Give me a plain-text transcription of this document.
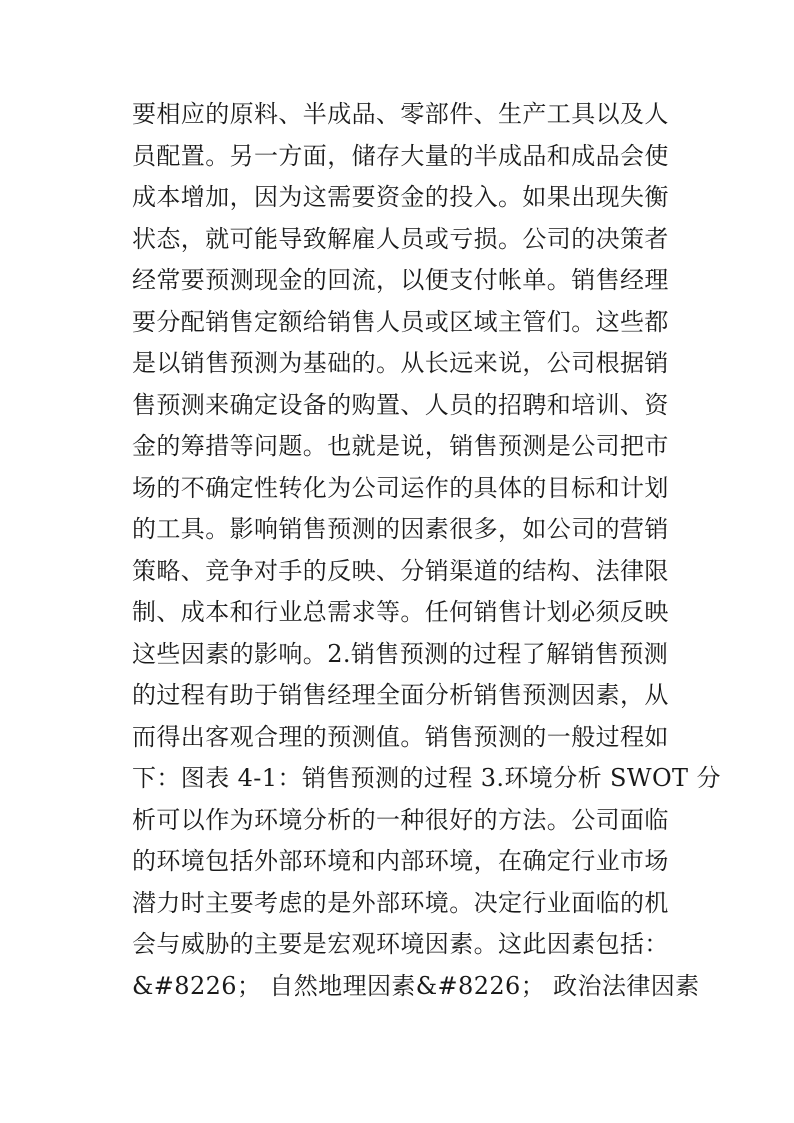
要相应的原料、半成品、零部件、生产工具以及人
员配置。另一方面，储存大量的半成品和成品会使
成本增加，因为这需要资金的投入。如果出现失衡
状态，就可能导致解雇人员或亏损。公司的决策者
经常要预测现金的回流，以便支付帐单。销售经理
要分配销售定额给销售人员或区域主管们。这些都
是以销售预测为基础的。从长远来说，公司根据销
售预测来确定设备的购置、人员的招聘和培训、资
金的筹措等问题。也就是说，销售预测是公司把市
场的不确定性转化为公司运作的具体的目标和计划
的工具。影响销售预测的因素很多，如公司的营销
策略、竞争对手的反映、分销渠道的结构、法律限
制、成本和行业总需求等。任何销售计划必须反映
这些因素的影响。2.销售预测的过程了解销售预测
的过程有助于销售经理全面分析销售预测因素，从
而得出客观合理的预测值。销售预测的一般过程如
下：图表 4-1：销售预测的过程 3.环境分析 SWOT 分
析可以作为环境分析的一种很好的方法。公司面临
的环境包括外部环境和内部环境，在确定行业市场
潜力时主要考虑的是外部环境。决定行业面临的机
会与威胁的主要是宏观环境因素。这此因素包括：
&#8226； 自然地理因素&#8226； 政治法律因素
